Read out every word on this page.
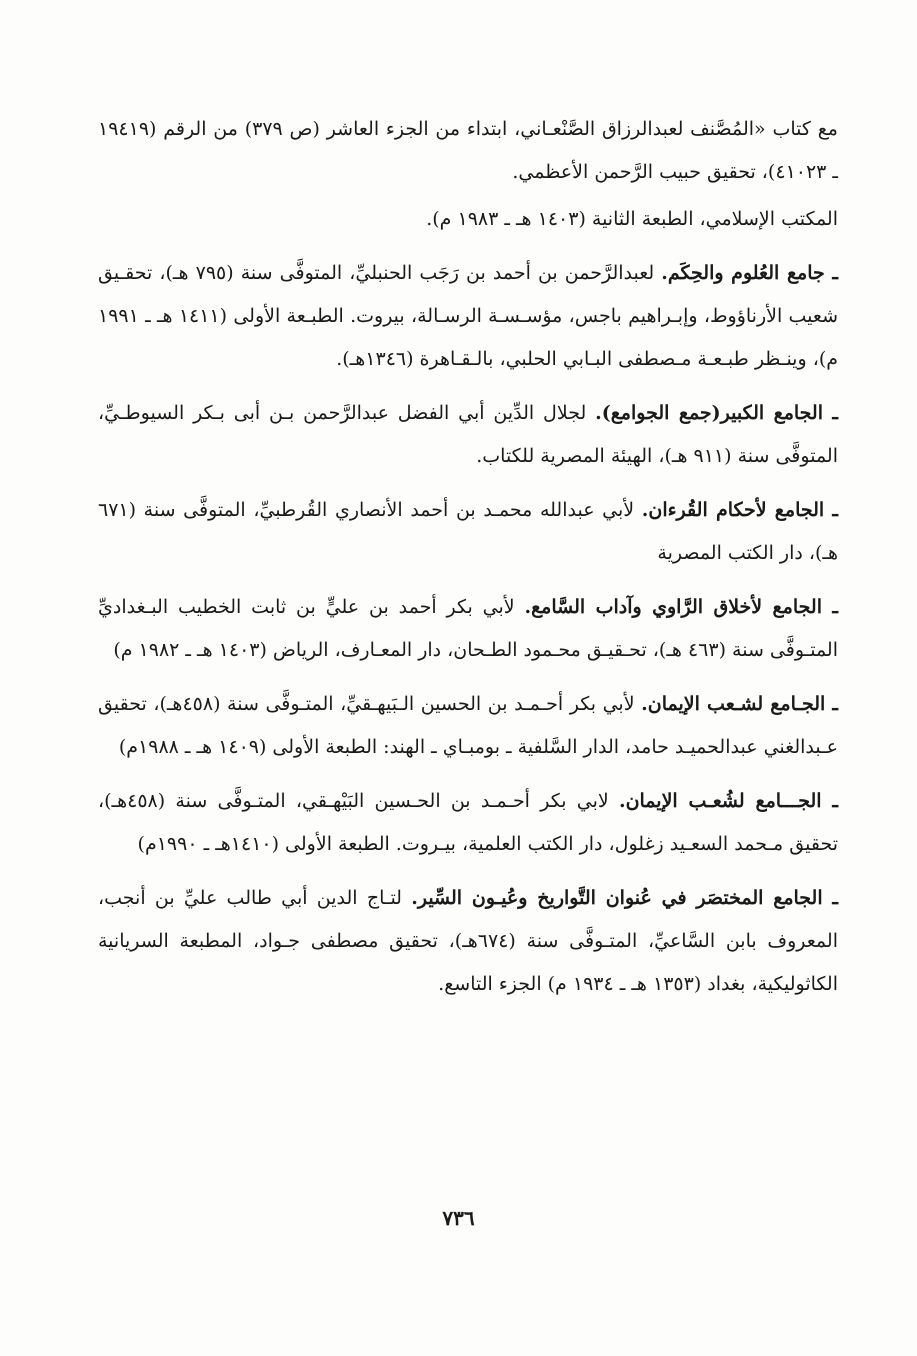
مع كتاب «المُصَّنف لعبدالرزاق الصَّنْعـاني، ابتداء من الجزء العاشر (ص ٣٧٩) من الرقم (١٩٤١٩ ـ ٤١٠٢٣)، تحقيق حبيب الرَّحمن الأعظمي.

المكتب الإسلامي، الطبعة الثانية (١٤٠٣ هـ ـ ١٩٨٣ م).

ـ جامع العُلوم والحِكَم. لعبدالرَّحمن بن أحمد بن رَجَب الحنبليِّ، المتوفَّى سنة (٧٩٥ هـ)، تحقـيق شعيب الأرناؤوط، وإبـراهيم باجس، مؤسـسـة الرسـالة، بيروت. الطبـعة الأولى (١٤١١ هـ ـ ١٩٩١ م)، وينـظر طبـعـة مـصطفى البـابي الحلبي، بالـقـاهرة (١٣٤٦هـ).

ـ الجامع الكبير(جمع الجوامع). لجلال الدِّين أبي الفضل عبدالرَّحمن بـن أبى بـكر السيوطـيِّ، المتوفَّى سنة (٩١١ هـ)، الهيئة المصرية للكتاب.

ـ الجامع لأحكام القُرءان. لأبي عبدالله محمـد بن أحمد الأنصاري القُرطبيِّ، المتوفَّى سنة (٦٧١ هـ)، دار الكتب المصرية

ـ الجامع لأخلاق الرَّاوي وآداب السَّامع. لأبي بكر أحمد بن عليٍّ بن ثابت الخطيب البـغداديِّ المتـوفَّى سنة (٤٦٣ هـ)، تحـقيـق محـمود الطـحان، دار المعـارف، الرياض (١٤٠٣ هـ ـ ١٩٨٢ م)

ـ الجـامع لشـعب الإيمان. لأبي بكر أحـمـد بن الحسين الـبَيهـقيِّ، المتـوفَّى سنة (٤٥٨هـ)، تحقيق عـبدالغني عبدالحميـد حامد، الدار السَّلفية ـ بومبـاي ـ الهند: الطبعة الأولى (١٤٠٩ هـ ـ ١٩٨٨م)

ـ الجـــامع لشُعـب الإيمان. لابي بكر أحـمـد بن الحـسين البَيْهـقي، المتـوفَّى سنة (٤٥٨هـ)، تحقيق مـحمد السعـيد زغلول، دار الكتب العلمية، بيـروت. الطبعة الأولى (١٤١٠هـ ـ ١٩٩٠م)

ـ الجامع المختصَر في عُنوان التَّواريخ وعُيـون السِّير. لتـاج الدين أبي طالب عليِّ بن أنجب، المعروف بابن السَّاعيِّ، المتـوفَّى سنة (٦٧٤هـ)، تحقيق مصطفى جـواد، المطبعة السريانية الكاثوليكية، بغداد (١٣٥٣ هـ ـ ١٩٣٤ م) الجزء التاسع.

٧٣٦
